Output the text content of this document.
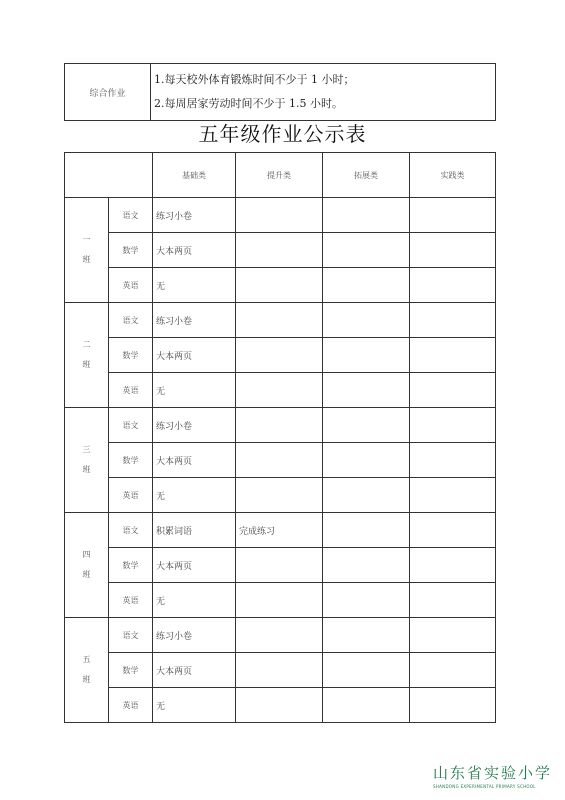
综合作业	
1.每天校外体育锻炼时间不少于 1 小时；
2.每周居家劳动时间不少于 1.5 小时。
五年级作业公示表
		基础类	提升类	拓展类	实践类

一
班	语文	练习小卷			
	数学	大本两页			
	英语	无			

二
班	语文	练习小卷			
	数学	大本两页			
	英语	无			

三
班	语文	练习小卷			
	数学	大本两页			
	英语	无			

四
班	语文	积累词语	完成练习		
	数学	大本两页			
	英语	无			

五
班	语文	练习小卷			
	数学	大本两页			
	英语	无			
山东省实验小学
SHANDONG EXPERIMENTAL PRIMARY SCHOOL
